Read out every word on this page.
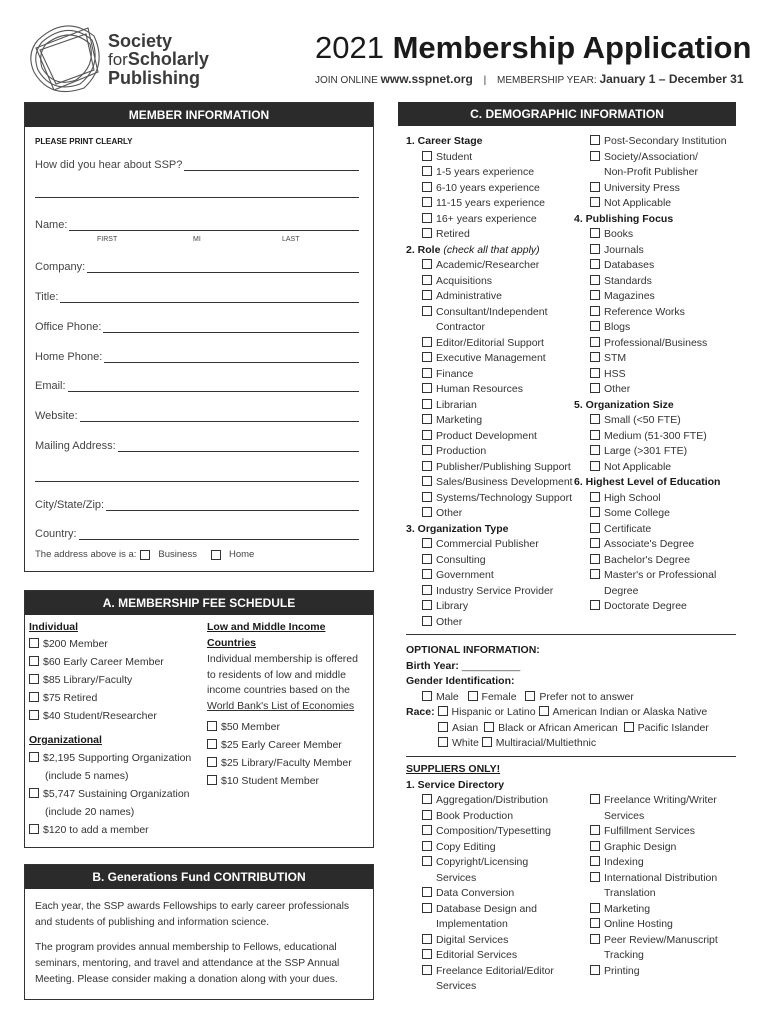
Society
forScholarly
Publishing
2021 Membership Application
JOIN ONLINE www.sspnet.org | MEMBERSHIP YEAR: January 1 – December 31
MEMBER INFORMATION
PLEASE PRINT CLEARLY
How did you hear about SSP?
Name:
FIRST	MI	LAST
Company:
Title:
Office Phone:
Home Phone:
Email:
Website:
Mailing Address:
City/State/Zip:
Country:
The address above is a: Business	Home
A. MEMBERSHIP FEE SCHEDULE
Individual
$200 Member
$60 Early Career Member
$85 Library/Faculty
$75 Retired
$40 Student/Researcher
Organizational
$2,195 Supporting Organization
(include 5 names)
$5,747 Sustaining Organization
(include 20 names)
$120 to add a member
Low and Middle Income
Countries
Individual membership is offered
to residents of low and middle
income countries based on the
World Bank's List of Economies
$50 Member
$25 Early Career Member
$25 Library/Faculty Member
$10 Student Member
B. Generations Fund CONTRIBUTION
Each year, the SSP awards Fellowships to early career professionals
and students of publishing and information science.
The program provides annual membership to Fellows, educational
seminars, mentoring, and travel and attendance at the SSP Annual
Meeting. Please consider making a donation along with your dues.
C. DEMOGRAPHIC INFORMATION
1. Career Stage
Student
1-5 years experience
6-10 years experience
11-15 years experience
16+ years experience
Retired
2. Role (check all that apply)
Academic/Researcher
Acquisitions
Administrative
Consultant/Independent
Contractor
Editor/Editorial Support
Executive Management
Finance
Human Resources
Librarian
Marketing
Product Development
Production
Publisher/Publishing Support
Sales/Business Development
Systems/Technology Support
Other
3. Organization Type
Commercial Publisher
Consulting
Government
Industry Service Provider
Library
Other
Post-Secondary Institution
Society/Association/
Non-Profit Publisher
University Press
Not Applicable
4. Publishing Focus
Books
Journals
Databases
Standards
Magazines
Reference Works
Blogs
Professional/Business
STM
HSS
Other
5. Organization Size
Small (<50 FTE)
Medium (51-300 FTE)
Large (>301 FTE)
Not Applicable
6. Highest Level of Education
High School
Some College
Certificate
Associate's Degree
Bachelor's Degree
Master's or Professional
Degree
Doctorate Degree
OPTIONAL INFORMATION:
Birth Year: __________
Gender Identification:
Male Female Prefer not to answer
Race: Hispanic or Latino American Indian or Alaska Native
Asian Black or African American Pacific Islander
White Multiracial/Multiethnic
SUPPLIERS ONLY!
1. Service Directory
Aggregation/Distribution
Book Production
Composition/Typesetting
Copy Editing
Copyright/Licensing
Services
Data Conversion
Database Design and
Implementation
Digital Services
Editorial Services
Freelance Editorial/Editor
Services
Freelance Writing/Writer
Services
Fulfillment Services
Graphic Design
Indexing
International Distribution
Translation
Marketing
Online Hosting
Peer Review/Manuscript
Tracking
Printing
